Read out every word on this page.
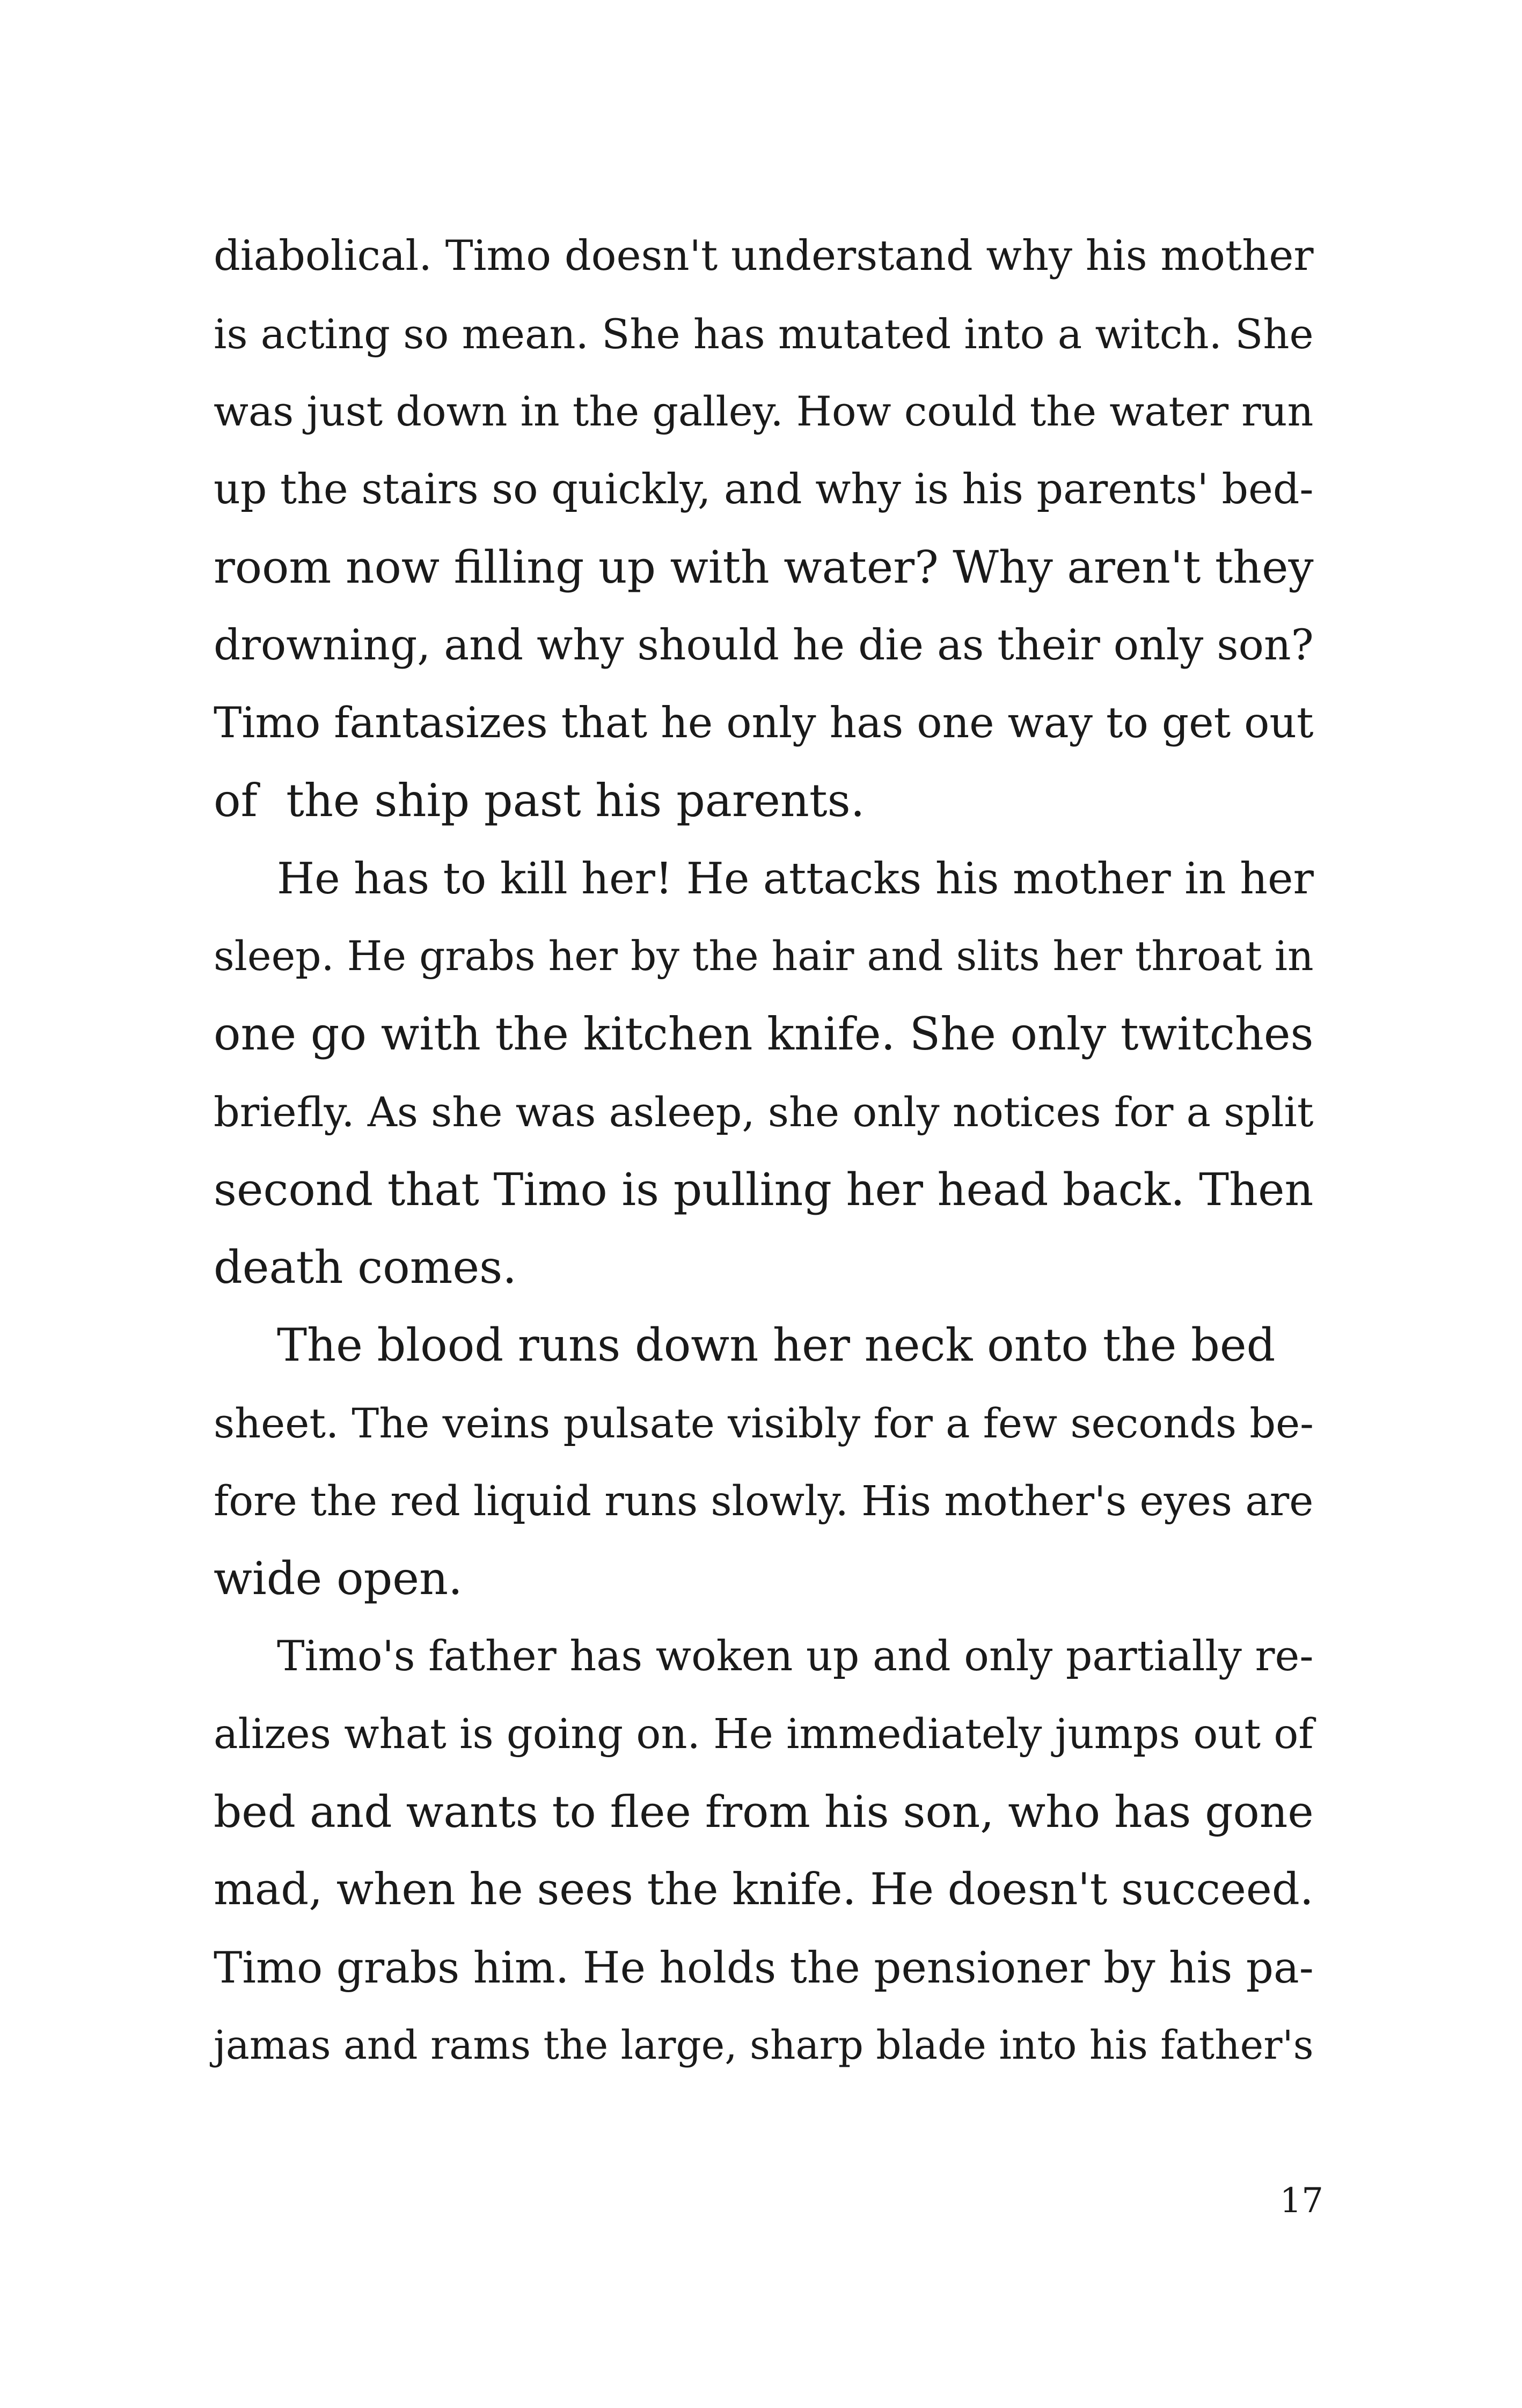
diabolical. Timo doesn't understand why his mother
is acting so mean. She has mutated into a witch. She
was just down in the galley. How could the water run
up the stairs so quickly, and why is his parents' bed-
room now filling up with water? Why aren't they
drowning, and why should he die as their only son?
Timo fantasizes that he only has one way to get out
of  the ship past his parents.
He has to kill her! He attacks his mother in her
sleep. He grabs her by the hair and slits her throat in
one go with the kitchen knife. She only twitches
briefly. As she was asleep, she only notices for a split
second that Timo is pulling her head back. Then
death comes.
The blood runs down her neck onto the bed
sheet. The veins pulsate visibly for a few seconds be-
fore the red liquid runs slowly. His mother's eyes are
wide open.
Timo's father has woken up and only partially re-
alizes what is going on. He immediately jumps out of
bed and wants to flee from his son, who has gone
mad, when he sees the knife. He doesn't succeed.
Timo grabs him. He holds the pensioner by his pa-
jamas and rams the large, sharp blade into his father's
17
